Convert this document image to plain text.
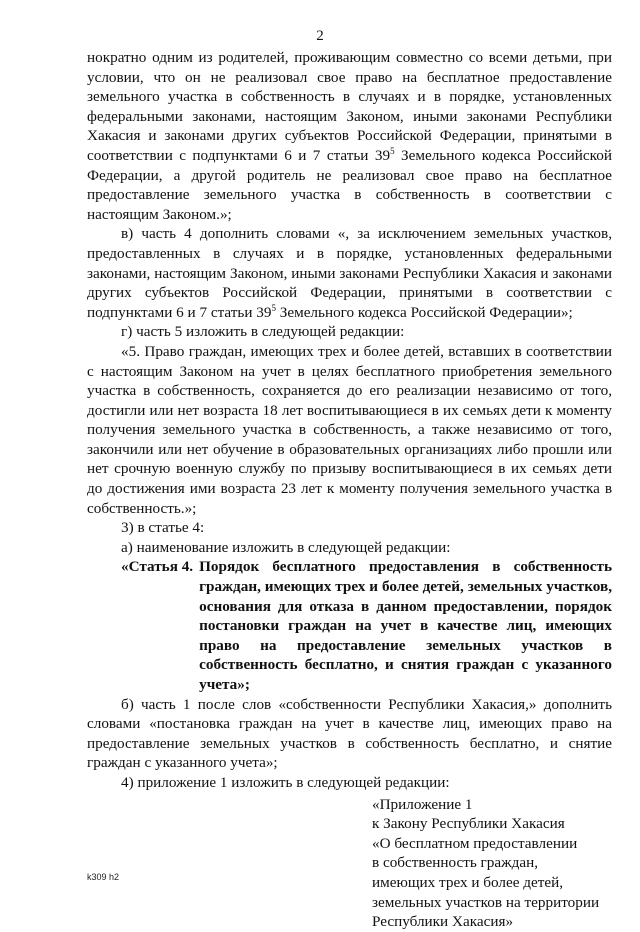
2

нократно одним из родителей, проживающим совместно со всеми детьми, при условии, что он не реализовал свое право на бесплатное предоставление земельного участка в собственность в случаях и в порядке, установленных федеральными законами, настоящим Законом, иными законами Республики Хакасия и законами других субъектов Российской Федерации, принятыми в соответствии с подпунктами 6 и 7 статьи $39^5$ Земельного кодекса Российской Федерации, а другой родитель не реализовал свое право на бесплатное предоставление земельного участка в собственность в соответствии с настоящим Законом.»;

в) часть 4 дополнить словами «, за исключением земельных участков, предоставленных в случаях и в порядке, установленных федеральными законами, настоящим Законом, иными законами Республики Хакасия и законами других субъектов Российской Федерации, принятыми в соответствии с подпунктами 6 и 7 статьи $39^5$ Земельного кодекса Российской Федерации»;

г) часть 5 изложить в следующей редакции:

«5. Право граждан, имеющих трех и более детей, вставших в соответствии с настоящим Законом на учет в целях бесплатного приобретения земельного участка в собственность, сохраняется до его реализации независимо от того, достигли или нет возраста 18 лет воспитывающиеся в их семьях дети к моменту получения земельного участка в собственность, а также независимо от того, закончили или нет обучение в образовательных организациях либо прошли или нет срочную военную службу по призыву воспитывающиеся в их семьях дети до достижения ими возраста 23 лет к моменту получения земельного участка в собственность.»;

3) в статье 4:

а) наименование изложить в следующей редакции:

«Статья 4. Порядок бесплатного предоставления в собственность граждан, имеющих трех и более детей, земельных участков, основания для отказа в данном предоставлении, порядок постановки граждан на учет в качестве лиц, имеющих право на предоставление земельных участков в собственность бесплатно, и снятия граждан с указанного учета»;

б) часть 1 после слов «собственности Республики Хакасия,» дополнить словами «постановка граждан на учет в качестве лиц, имеющих право на предоставление земельных участков в собственность бесплатно, и снятие граждан с указанного учета»;

4) приложение 1 изложить в следующей редакции:

«Приложение 1
к Закону Республики Хакасия
«О бесплатном предоставлении
в собственность граждан,
имеющих трех и более детей,
земельных участков на территории
Республики Хакасия»
k309 h2
